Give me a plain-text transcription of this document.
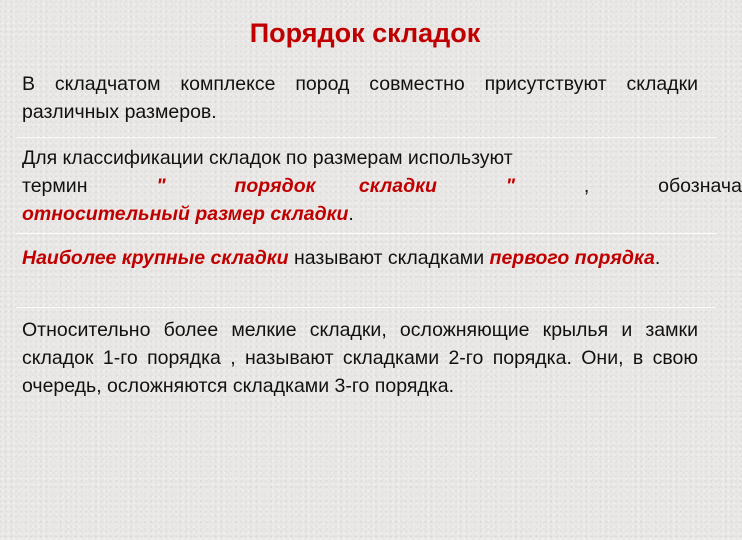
Порядок складок
В складчатом комплексе пород совместно присутствуют складки различных размеров.
Для классификации складок по размерам используют
термин	"	порядок складки	"	,	обознача
относительный размер складки.
Наиболее крупные складки называют складками первого порядка.
Относительно более мелкие складки, осложняющие крылья и замки складок 1-го порядка , называют складками 2-го порядка. Они, в свою очередь, осложняются складками 3-го порядка.
